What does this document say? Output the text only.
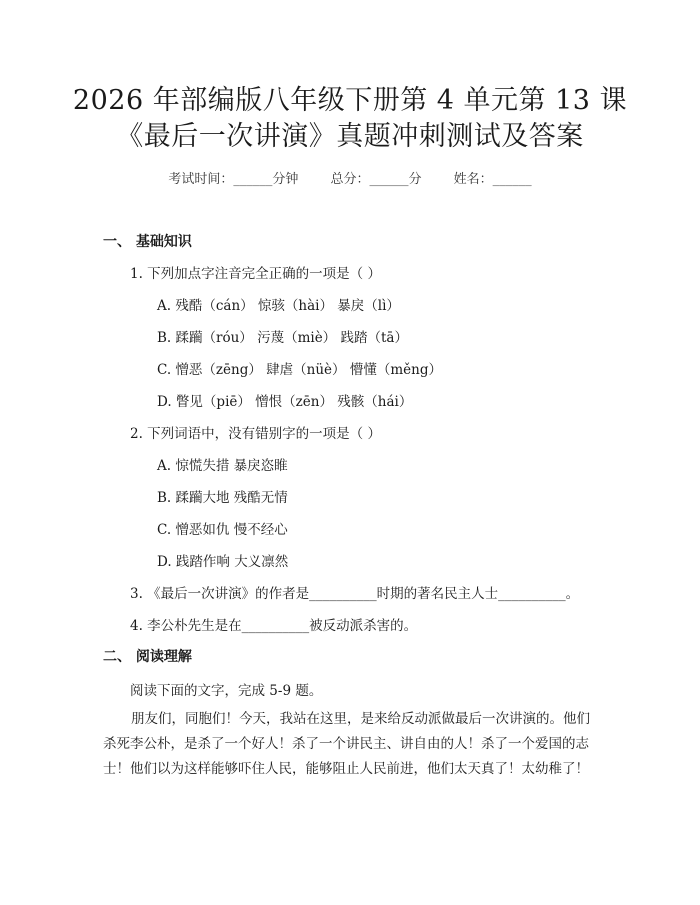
2026 年部编版八年级下册第 4 单元第 13 课
《最后一次讲演》真题冲刺测试及答案
考试时间：______分钟 总分：______分 姓名：______
一、 基础知识
1. 下列加点字注音完全正确的一项是（ ）
A. 残酷（cán） 惊骇（hài） 暴戾（lì）
B. 蹂躏（róu） 污蔑（miè） 践踏（tā）
C. 憎恶（zēng） 肆虐（nüè） 懵懂（měng）
D. 瞥见（piē） 憎恨（zēn） 残骸（hái）
2. 下列词语中，没有错别字的一项是（ ）
A. 惊慌失措 暴戾恣睢
B. 蹂躏大地 残酷无情
C. 憎恶如仇 慢不经心
D. 践踏作响 大义凛然
3. 《最后一次讲演》的作者是__________时期的著名民主人士__________。
4. 李公朴先生是在__________被反动派杀害的。
二、 阅读理解
阅读下面的文字，完成 5-9 题。
朋友们，同胞们！今天，我站在这里，是来给反动派做最后一次讲演的。他们杀死李公朴，是杀了一个好人！杀了一个讲民主、讲自由的人！杀了一个爱国的志士！他们以为这样能够吓住人民，能够阻止人民前进，他们太天真了！太幼稚了！
